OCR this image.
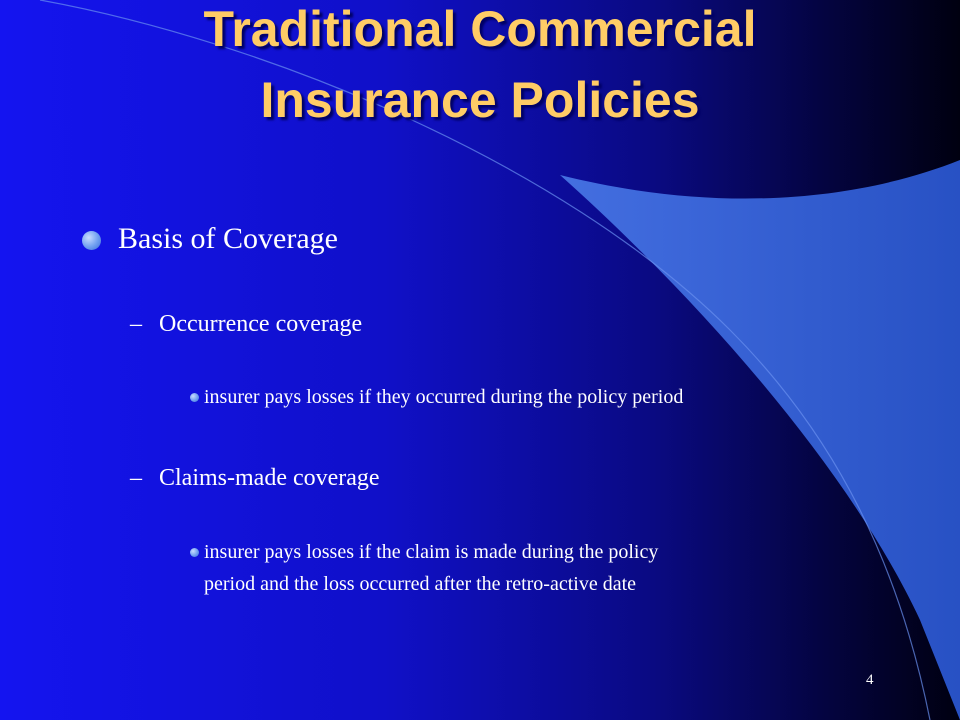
Traditional Commercial
Insurance Policies
Basis of Coverage
– Occurrence coverage
insurer pays losses if they occurred during the policy period
– Claims-made coverage
insurer pays losses if the claim is made during the policy
period and the loss occurred after the retro-active date
4
